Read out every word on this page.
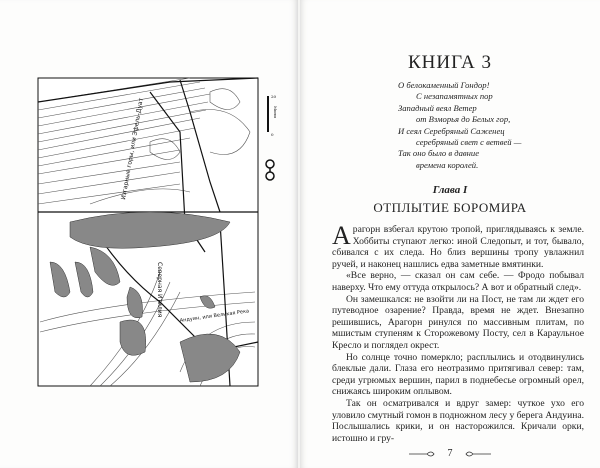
Изгарные горы, или Эфель-Дуат
Северная Итилия	Андуин, или Великая Река
20
0
Мили
КНИГА 3
О белокаменный Гондор!
С незапамятных пор
Западный веял Ветер
от Взморья до Белых гор,
И сеял Серебряный Саженец
серебряный свет с ветвей —
Так оно было в давние
времена королей.
Глава I
ОТПЛЫТИЕ БОРОМИРА

Арагорн взбегал крутою тропой, приглядываясь к земле. Хоббиты ступают легко: иной Следопыт, и тот, бывало, сбивался с их следа. Но близ вершины тропу увлажнил ручей, и наконец нашлись едва заметные вмятинки.

«Все верно, — сказал он сам себе. — Фродо побывал наверху. Что ему оттуда открылось? А вот и обратный след».

Он замешкался: не взойти ли на Пост, не там ли ждет его путеводное озарение? Правда, время не ждет. Внезапно решившись, Арагорн ринулся по массивным плитам, по мшистым ступеням к Сторожевому Посту, сел в Караульное Кресло и поглядел окрест.

Но солнце точно померкло; расплылись и отодвинулись блеклые дали. Глаза его неотразимо притягивал север: там, среди угрюмых вершин, парил в поднебесье огромный орел, снижаясь широким оплывом.

Так он осматривался и вдруг замер: чуткое ухо его уловило смутный гомон в подножном лесу у берега Андуина. Послышались крики, и он насторожился. Кричали орки, истошно и гру-

7
